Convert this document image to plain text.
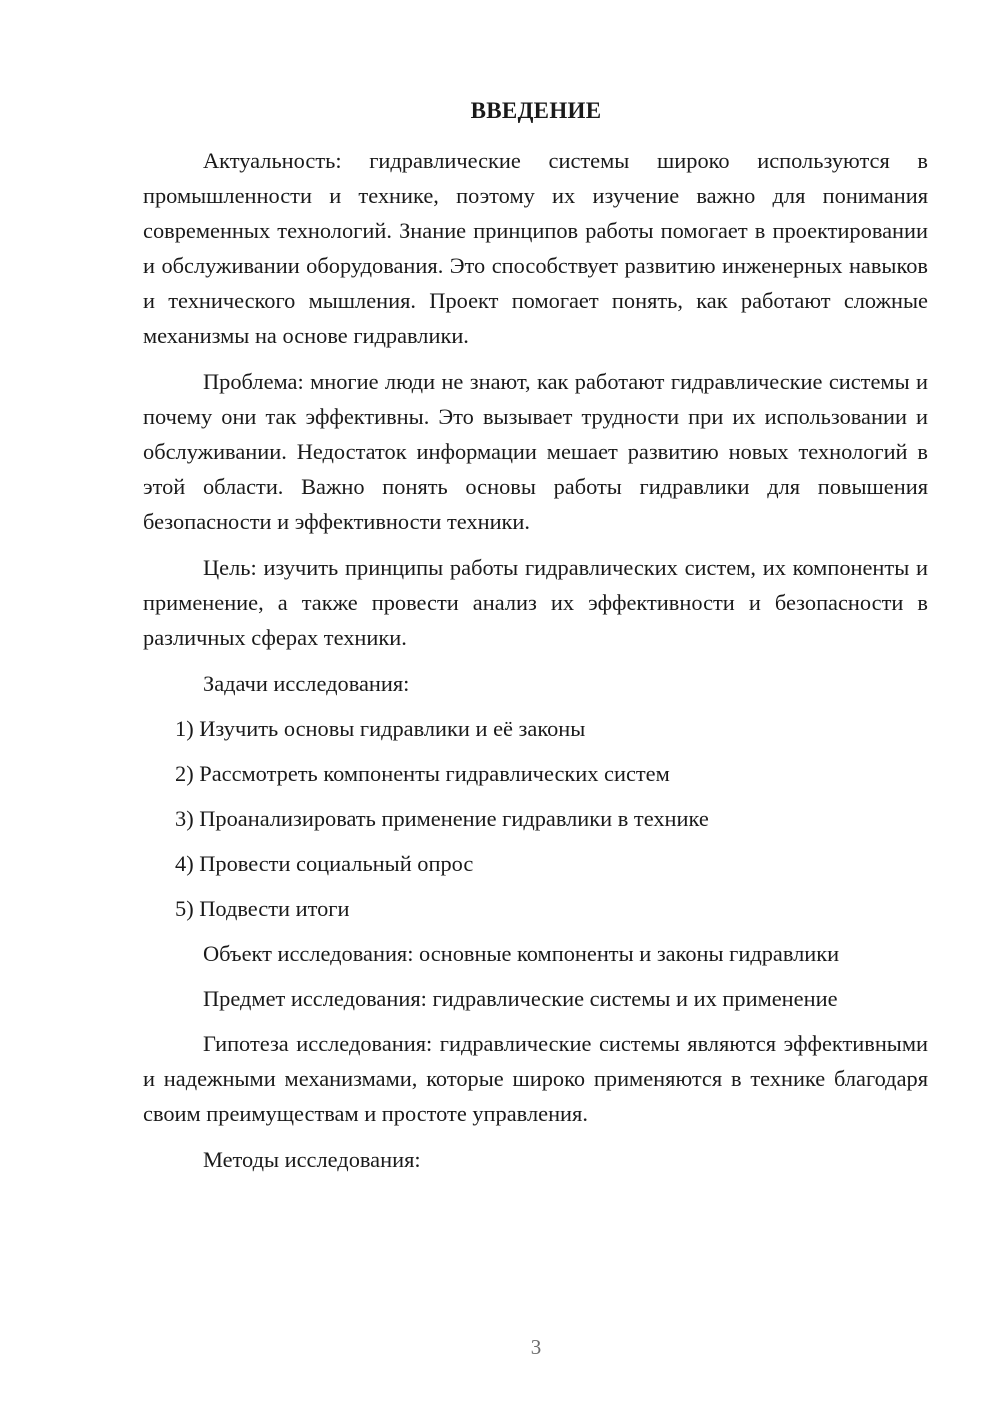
ВВЕДЕНИЕ

Актуальность: гидравлические системы широко используются в промышленности и технике, поэтому их изучение важно для понимания современных технологий. Знание принципов работы помогает в проектировании и обслуживании оборудования. Это способствует развитию инженерных навыков и технического мышления. Проект помогает понять, как работают сложные механизмы на основе гидравлики.

Проблема: многие люди не знают, как работают гидравлические системы и почему они так эффективны. Это вызывает трудности при их использовании и обслуживании. Недостаток информации мешает развитию новых технологий в этой области. Важно понять основы работы гидравлики для повышения безопасности и эффективности техники.

Цель: изучить принципы работы гидравлических систем, их компоненты и применение, а также провести анализ их эффективности и безопасности в различных сферах техники.

Задачи исследования:

1) Изучить основы гидравлики и её законы

2) Рассмотреть компоненты гидравлических систем

3) Проанализировать применение гидравлики в технике

4) Провести социальный опрос

5) Подвести итоги

Объект исследования: основные компоненты и законы гидравлики

Предмет исследования: гидравлические системы и их применение

Гипотеза исследования: гидравлические системы являются эффективными и надежными механизмами, которые широко применяются в технике благодаря своим преимуществам и простоте управления.

Методы исследования:

3
